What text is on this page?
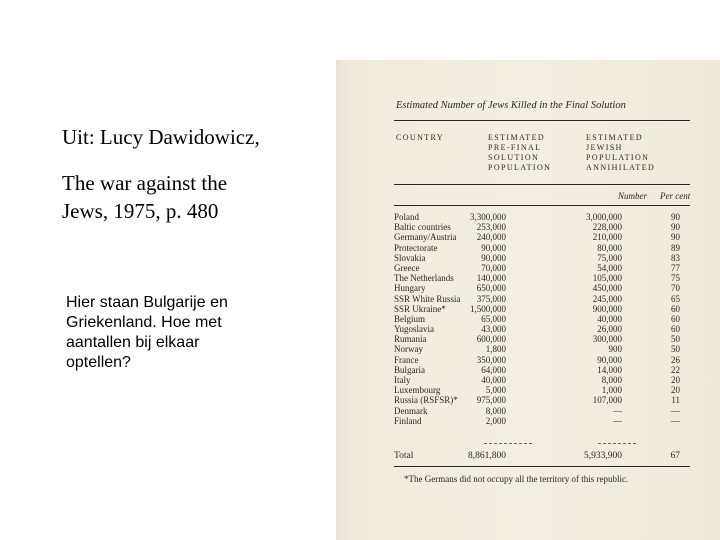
Uit: Lucy Dawidowicz,

The war against the

Jews, 1975, p. 480

Hier staan Bulgarije en Griekenland. Hoe met aantallen bij elkaar optellen?
Estimated Number of Jews Killed in the Final Solution
COUNTRY	ESTIMATED
PRE-FINAL
SOLUTION
POPULATION
ESTIMATED
JEWISH
POPULATION
ANNIHILATED
Number Per cent
Poland	3,300,000	3,000,000	90
Baltic countries	253,000	228,000	90
Germany/Austria 240,000	210,000	90
Protectorate	90,000	80,000	89
Slovakia	90,000	75,000	83
Greece	70,000	54,000	77
The Netherlands	140,000	105,000	75
Hungary	650,000	450,000	70
SSR White Russia 375,000	245,000	65
SSR Ukraine*	1,500,000	900,000	60
Belgium	65,000	40,000	60
Yugoslavia	43,000	26,000	60
Rumania	600,000	300,000	50
Norway	1,800	900	50
France	350,000	90,000	26
Bulgaria	64,000	14,000	22
Italy	40,000	8,000	20
Luxembourg	5,000	1,000	20
Russia (RSFSR)* 975,000	107,000	11
Denmark	8,000	—	—
Finland	2,000	—	—
Total	8,861,800	5,933,900	67
*The Germans did not occupy all the territory of this republic.
